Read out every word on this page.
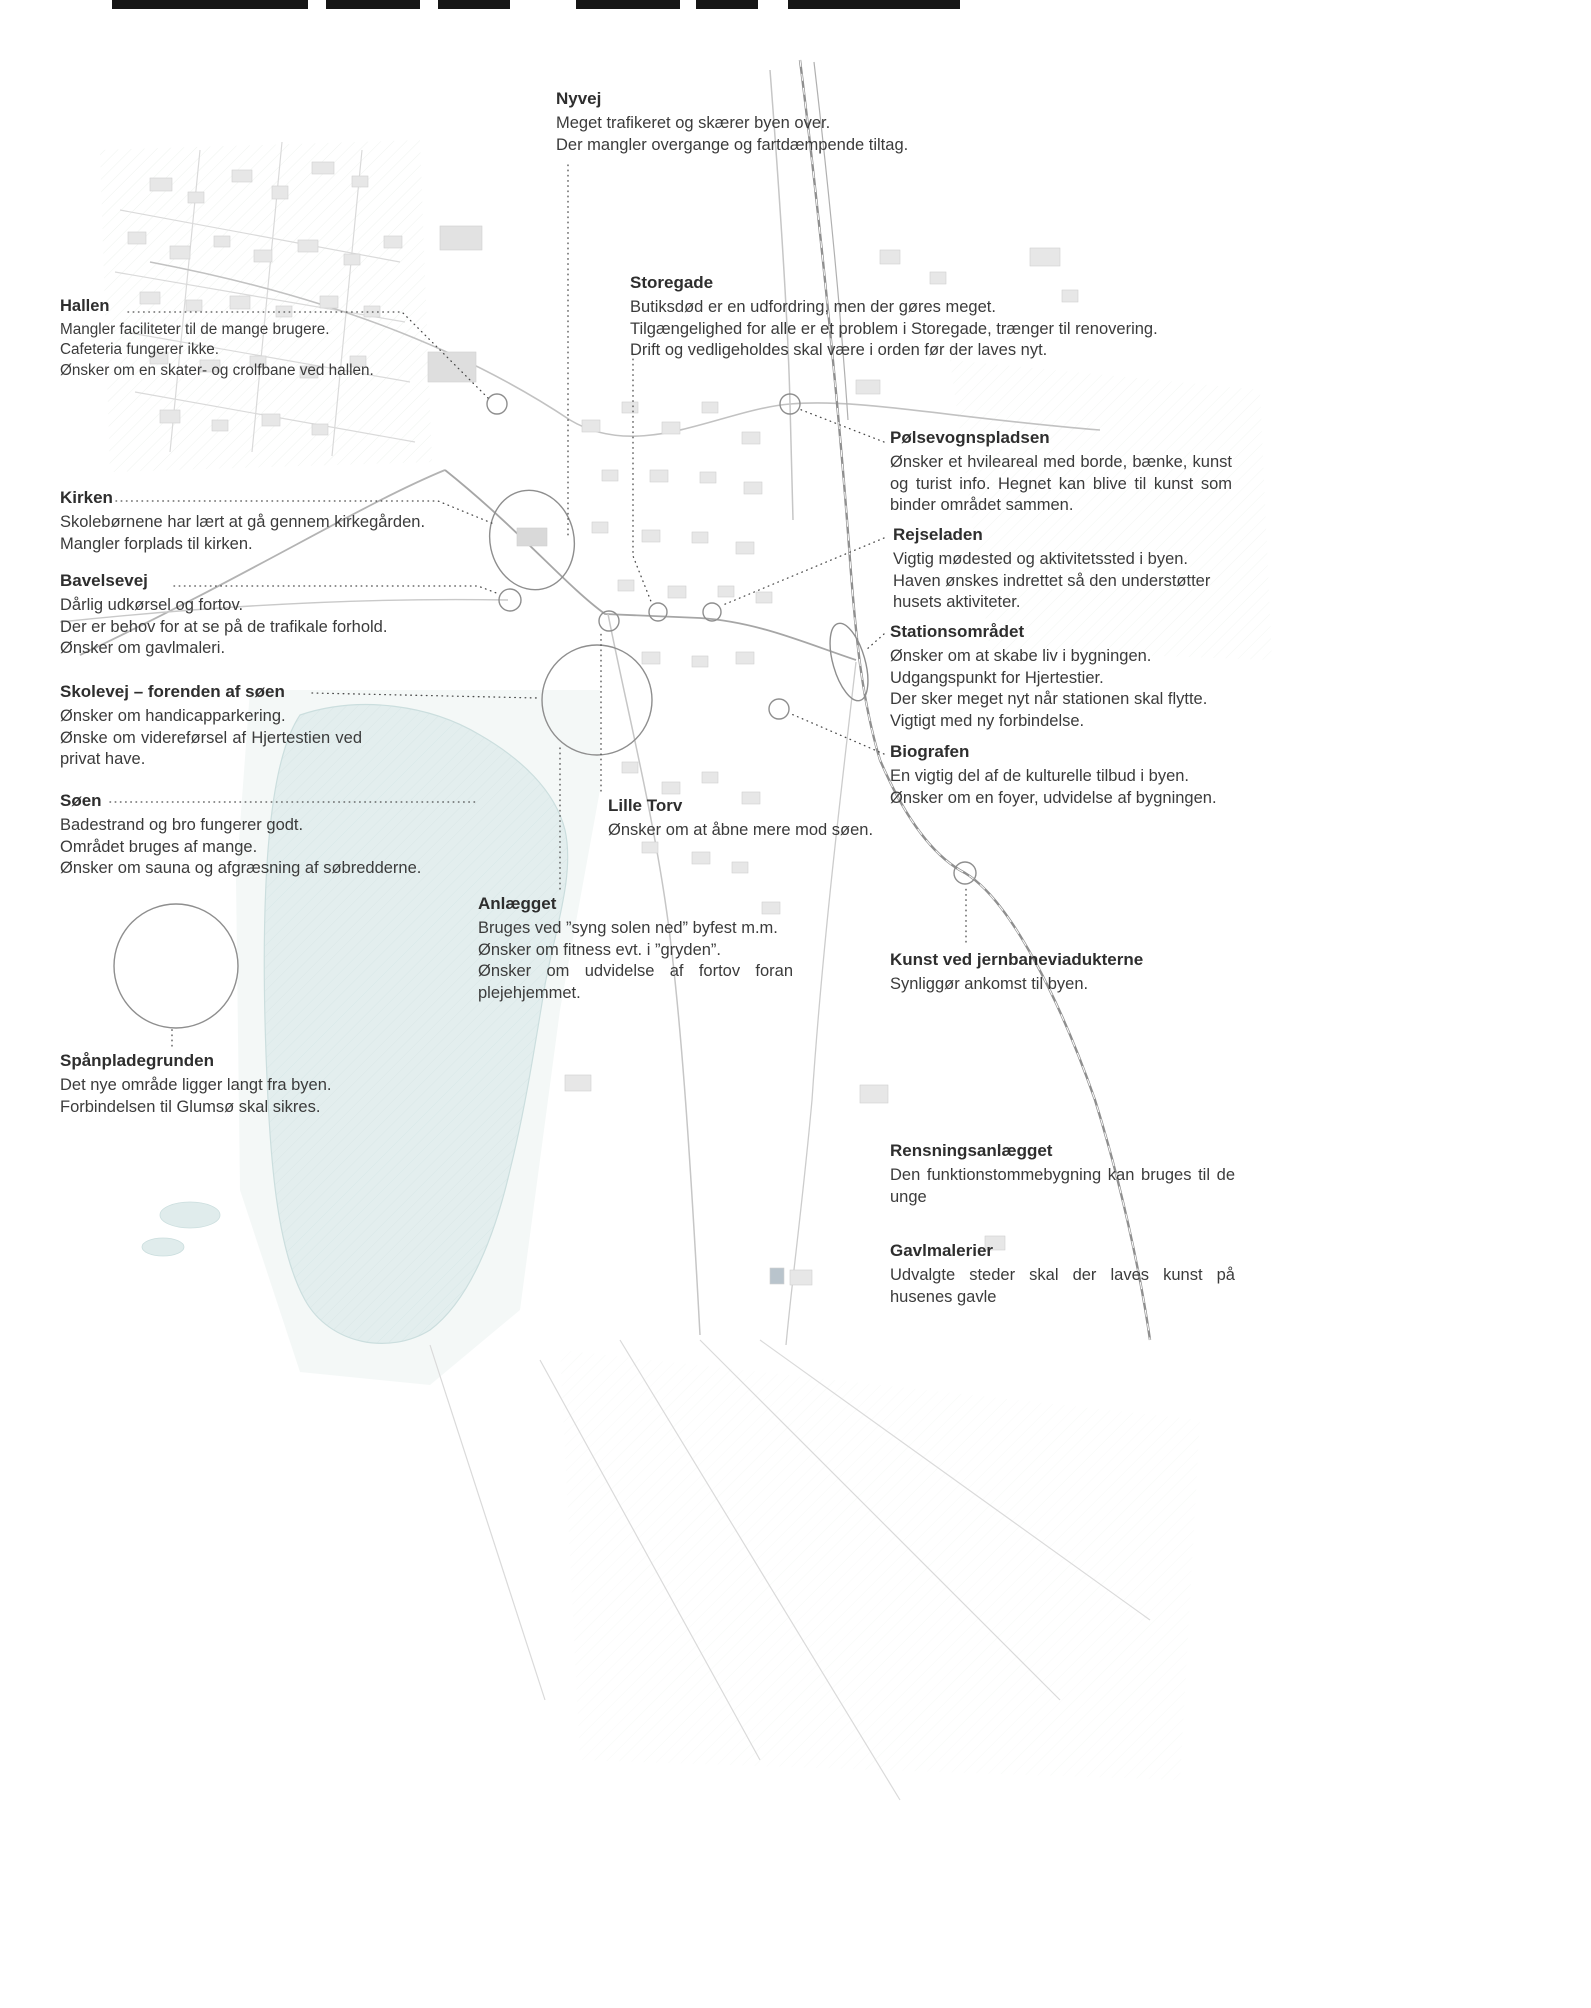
Nyvej
Meget trafikeret og skærer byen over.
Der mangler overgange og fartdæmpende tiltag.
Storegade
Butiksdød er en udfordring, men der gøres meget.
Tilgængelighed for alle er et problem i Storegade, trænger til renovering.
Drift og vedligeholdes skal være i orden før der laves nyt.
Hallen
Mangler faciliteter til de mange brugere.
Cafeteria fungerer ikke.
Ønsker om en skater- og crolfbane ved hallen.
Kirken
Skolebørnene har lært at gå gennem kirkegården.
Mangler forplads til kirken.
Bavelsevej
Dårlig udkørsel og fortov.
Der er behov for at se på de trafikale forhold.
Ønsker om gavlmaleri.
Skolevej – forenden af søen
Ønsker om handicapparkering.
Ønske om videreførsel af Hjertestien ved privat have.
Søen
Badestrand og bro fungerer godt.
Området bruges af mange.
Ønsker om sauna og afgræsning af søbredderne.
Pølsevognspladsen
Ønsker et hvileareal med borde, bænke, kunst og turist info. Hegnet kan blive til kunst som binder området sammen.
Rejseladen
Vigtig mødested og aktivitetssted i byen.
Haven ønskes indrettet så den understøtter husets aktiviteter.
Stationsområdet
Ønsker om at skabe liv i bygningen.
Udgangspunkt for Hjertestier.
Der sker meget nyt når stationen skal flytte.
Vigtigt med ny forbindelse.
Biografen
En vigtig del af de kulturelle tilbud i byen.
Ønsker om en foyer, udvidelse af bygningen.
Lille Torv
Ønsker om at åbne mere mod søen.
Anlægget
Bruges ved ”syng solen ned” byfest m.m.
Ønsker om fitness evt. i ”gryden”.
Ønsker om udvidelse af fortov foran plejehjemmet.
Spånpladegrunden
Det nye område ligger langt fra byen.
Forbindelsen til Glumsø skal sikres.
Kunst ved jernbaneviadukterne
Synliggør ankomst til byen.
Rensningsanlægget
Den funktionstommebygning kan bruges til de unge
Gavlmalerier
Udvalgte steder skal der laves kunst på husenes gavle
